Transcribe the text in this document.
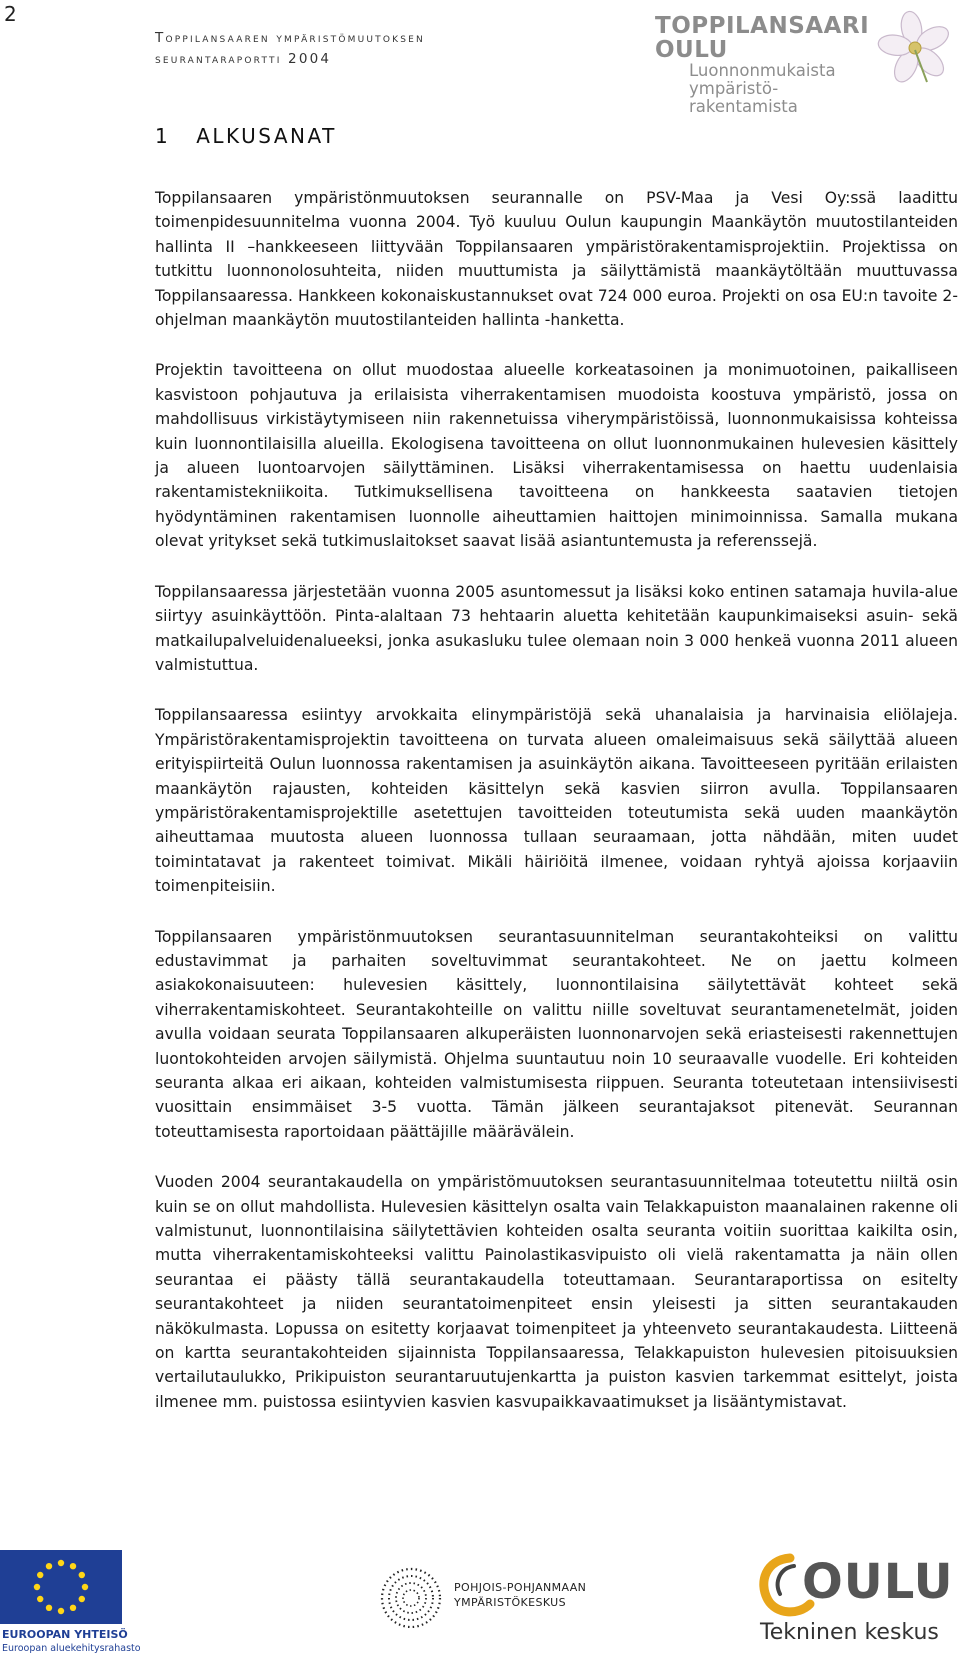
2
Toppilansaaren ympäristömuutoksen
seurantaraportti 2004
TOPPILANSAARI OULU
Luonnonmukaista
ympäristö-
rakentamista
1 ALKUSANAT

Toppilansaaren ympäristönmuutoksen seurannalle on PSV-Maa ja Vesi Oy:ssä laadittu toimenpidesuunnitelma vuonna 2004. Työ kuuluu Oulun kaupungin Maankäytön muutostilanteiden hallinta II –hankkeeseen liittyvään Toppilansaaren ympäristörakentamisprojektiin. Projektissa on tutkittu luonnonolosuhteita, niiden muuttumista ja säilyttämistä maankäytöltään muuttuvassa Toppilansaaressa. Hankkeen kokonaiskustannukset ovat 724 000 euroa. Projekti on osa EU:n tavoite 2- ohjelman maankäytön muutostilanteiden hallinta -hanketta.

Projektin tavoitteena on ollut muodostaa alueelle korkeatasoinen ja monimuotoinen, paikalliseen kasvistoon pohjautuva ja erilaisista viherrakentamisen muodoista koostuva ympäristö, jossa on mahdollisuus virkistäytymiseen niin rakennetuissa viherympäristöissä, luonnonmukaisissa kohteissa kuin luonnontilaisilla alueilla. Ekologisena tavoitteena on ollut luonnonmukainen hulevesien käsittely ja alueen luontoarvojen säilyttäminen. Lisäksi viherrakentamisessa on haettu uudenlaisia rakentamistekniikoita. Tutkimuksellisena tavoitteena on hankkeesta saatavien tietojen hyödyntäminen rakentamisen luonnolle aiheuttamien haittojen minimoinnissa. Samalla mukana olevat yritykset sekä tutkimuslaitokset saavat lisää asiantuntemusta ja referenssejä.

Toppilansaaressa järjestetään vuonna 2005 asuntomessut ja lisäksi koko entinen satamaja huvila-alue siirtyy asuinkäyttöön. Pinta-alaltaan 73 hehtaarin aluetta kehitetään kaupunkimaiseksi asuin- sekä matkailupalveluidenalueeksi, jonka asukasluku tulee olemaan noin 3 000 henkeä vuonna 2011 alueen valmistuttua.

Toppilansaaressa esiintyy arvokkaita elinympäristöjä sekä uhanalaisia ja harvinaisia eliölajeja. Ympäristörakentamisprojektin tavoitteena on turvata alueen omaleimaisuus sekä säilyttää alueen erityispiirteitä Oulun luonnossa rakentamisen ja asuinkäytön aikana. Tavoitteeseen pyritään erilaisten maankäytön rajausten, kohteiden käsittelyn sekä kasvien siirron avulla. Toppilansaaren ympäristörakentamisprojektille asetettujen tavoitteiden toteutumista sekä uuden maankäytön aiheuttamaa muutosta alueen luonnossa tullaan seuraamaan, jotta nähdään, miten uudet toimintatavat ja rakenteet toimivat. Mikäli häiriöitä ilmenee, voidaan ryhtyä ajoissa korjaaviin toimenpiteisiin.

Toppilansaaren ympäristönmuutoksen seurantasuunnitelman seurantakohteiksi on valittu edustavimmat ja parhaiten soveltuvimmat seurantakohteet. Ne on jaettu kolmeen asiakokonaisuuteen: hulevesien käsittely, luonnontilaisina säilytettävät kohteet sekä viherrakentamiskohteet. Seurantakohteille on valittu niille soveltuvat seurantamenetelmät, joiden avulla voidaan seurata Toppilansaaren alkuperäisten luonnonarvojen sekä eriasteisesti rakennettujen luontokohteiden arvojen säilymistä. Ohjelma suuntautuu noin 10 seuraavalle vuodelle. Eri kohteiden seuranta alkaa eri aikaan, kohteiden valmistumisesta riippuen. Seuranta toteutetaan intensiivisesti vuosittain ensimmäiset 3-5 vuotta. Tämän jälkeen seurantajaksot pitenevät. Seurannan toteuttamisesta raportoidaan päättäjille määrävälein.

Vuoden 2004 seurantakaudella on ympäristömuutoksen seurantasuunnitelmaa toteutettu niiltä osin kuin se on ollut mahdollista. Hulevesien käsittelyn osalta vain Telakkapuiston maanalainen rakenne oli valmistunut, luonnontilaisina säilytettävien kohteiden osalta seuranta voitiin suorittaa kaikilta osin, mutta viherrakentamiskohteeksi valittu Painolastikasvipuisto oli vielä rakentamatta ja näin ollen seurantaa ei päästy tällä seurantakaudella toteuttamaan. Seurantaraportissa on esitelty seurantakohteet ja niiden seurantatoimenpiteet ensin yleisesti ja sitten seurantakauden näkökulmasta. Lopussa on esitetty korjaavat toimenpiteet ja yhteenveto seurantakaudesta. Liitteenä on kartta seurantakohteiden sijainnista Toppilansaaressa, Telakkapuiston hulevesien pitoisuuksien vertailutaulukko, Prikipuiston seurantaruutujenkartta ja puiston kasvien tarkemmat esittelyt, joista ilmenee mm. puistossa esiintyvien kasvien kasvupaikkavaatimukset ja lisääntymistavat.

EUROOPAN YHTEISÖ
Euroopan aluekehitysrahasto
POHJOIS-POHJANMAAN
YMPÄRISTÖKESKUS	OULU
Tekninen keskus
